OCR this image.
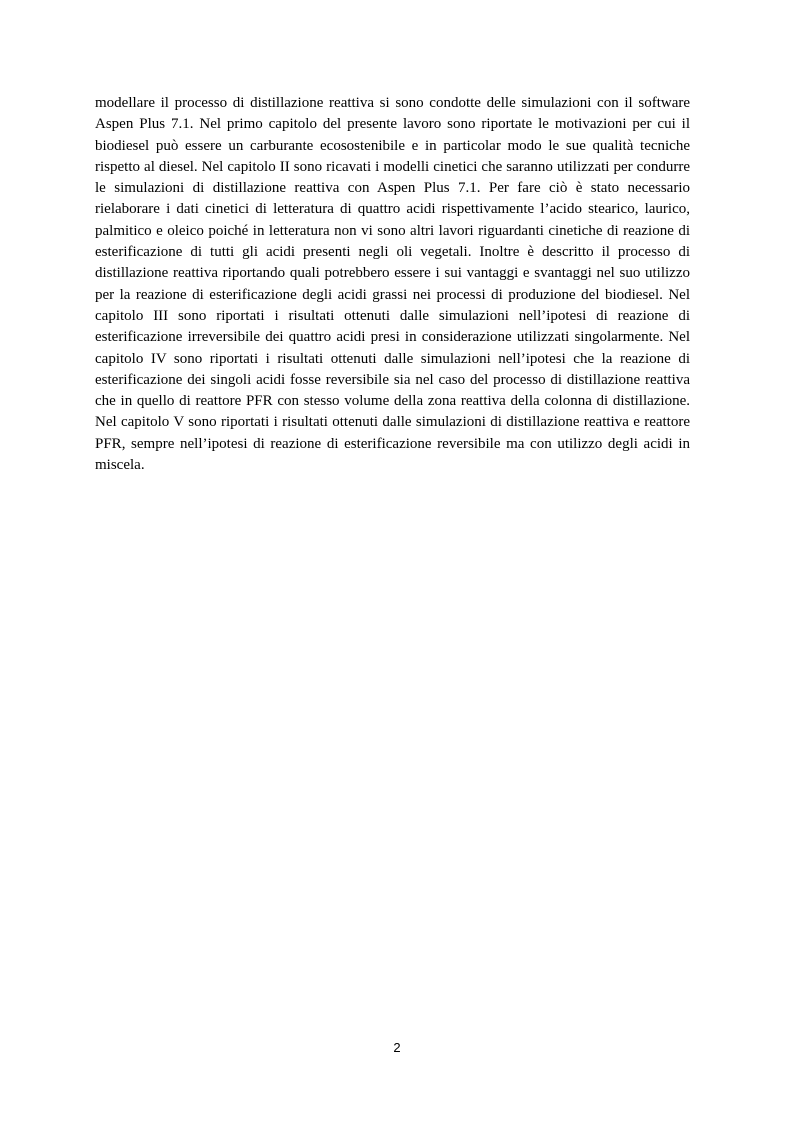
modellare il processo di distillazione reattiva si sono condotte delle simulazioni con il software Aspen Plus 7.1. Nel primo capitolo del presente lavoro sono riportate le motivazioni per cui il biodiesel può essere un carburante ecosostenibile e in particolar modo le sue qualità tecniche rispetto al diesel. Nel capitolo II sono ricavati i modelli cinetici che saranno utilizzati per condurre le simulazioni di distillazione reattiva con Aspen Plus 7.1. Per fare ciò è stato necessario rielaborare i dati cinetici di letteratura di quattro acidi rispettivamente l’acido stearico, laurico, palmitico e oleico poiché in letteratura non vi sono altri lavori riguardanti cinetiche di reazione di esterificazione di tutti gli acidi presenti negli oli vegetali. Inoltre è descritto il processo di distillazione reattiva riportando quali potrebbero essere i sui vantaggi e svantaggi nel suo utilizzo per la reazione di esterificazione degli acidi grassi nei processi di produzione del biodiesel. Nel capitolo III sono riportati i risultati ottenuti dalle simulazioni nell’ipotesi di reazione di esterificazione irreversibile dei quattro acidi presi in considerazione utilizzati singolarmente. Nel capitolo IV sono riportati i risultati ottenuti dalle simulazioni nell’ipotesi che la reazione di esterificazione dei singoli acidi fosse reversibile sia nel caso del processo di distillazione reattiva che in quello di reattore PFR con stesso volume della zona reattiva della colonna di distillazione. Nel capitolo V sono riportati i risultati ottenuti dalle simulazioni di distillazione reattiva e reattore PFR, sempre nell’ipotesi di reazione di esterificazione reversibile ma con utilizzo degli acidi in miscela.

2
